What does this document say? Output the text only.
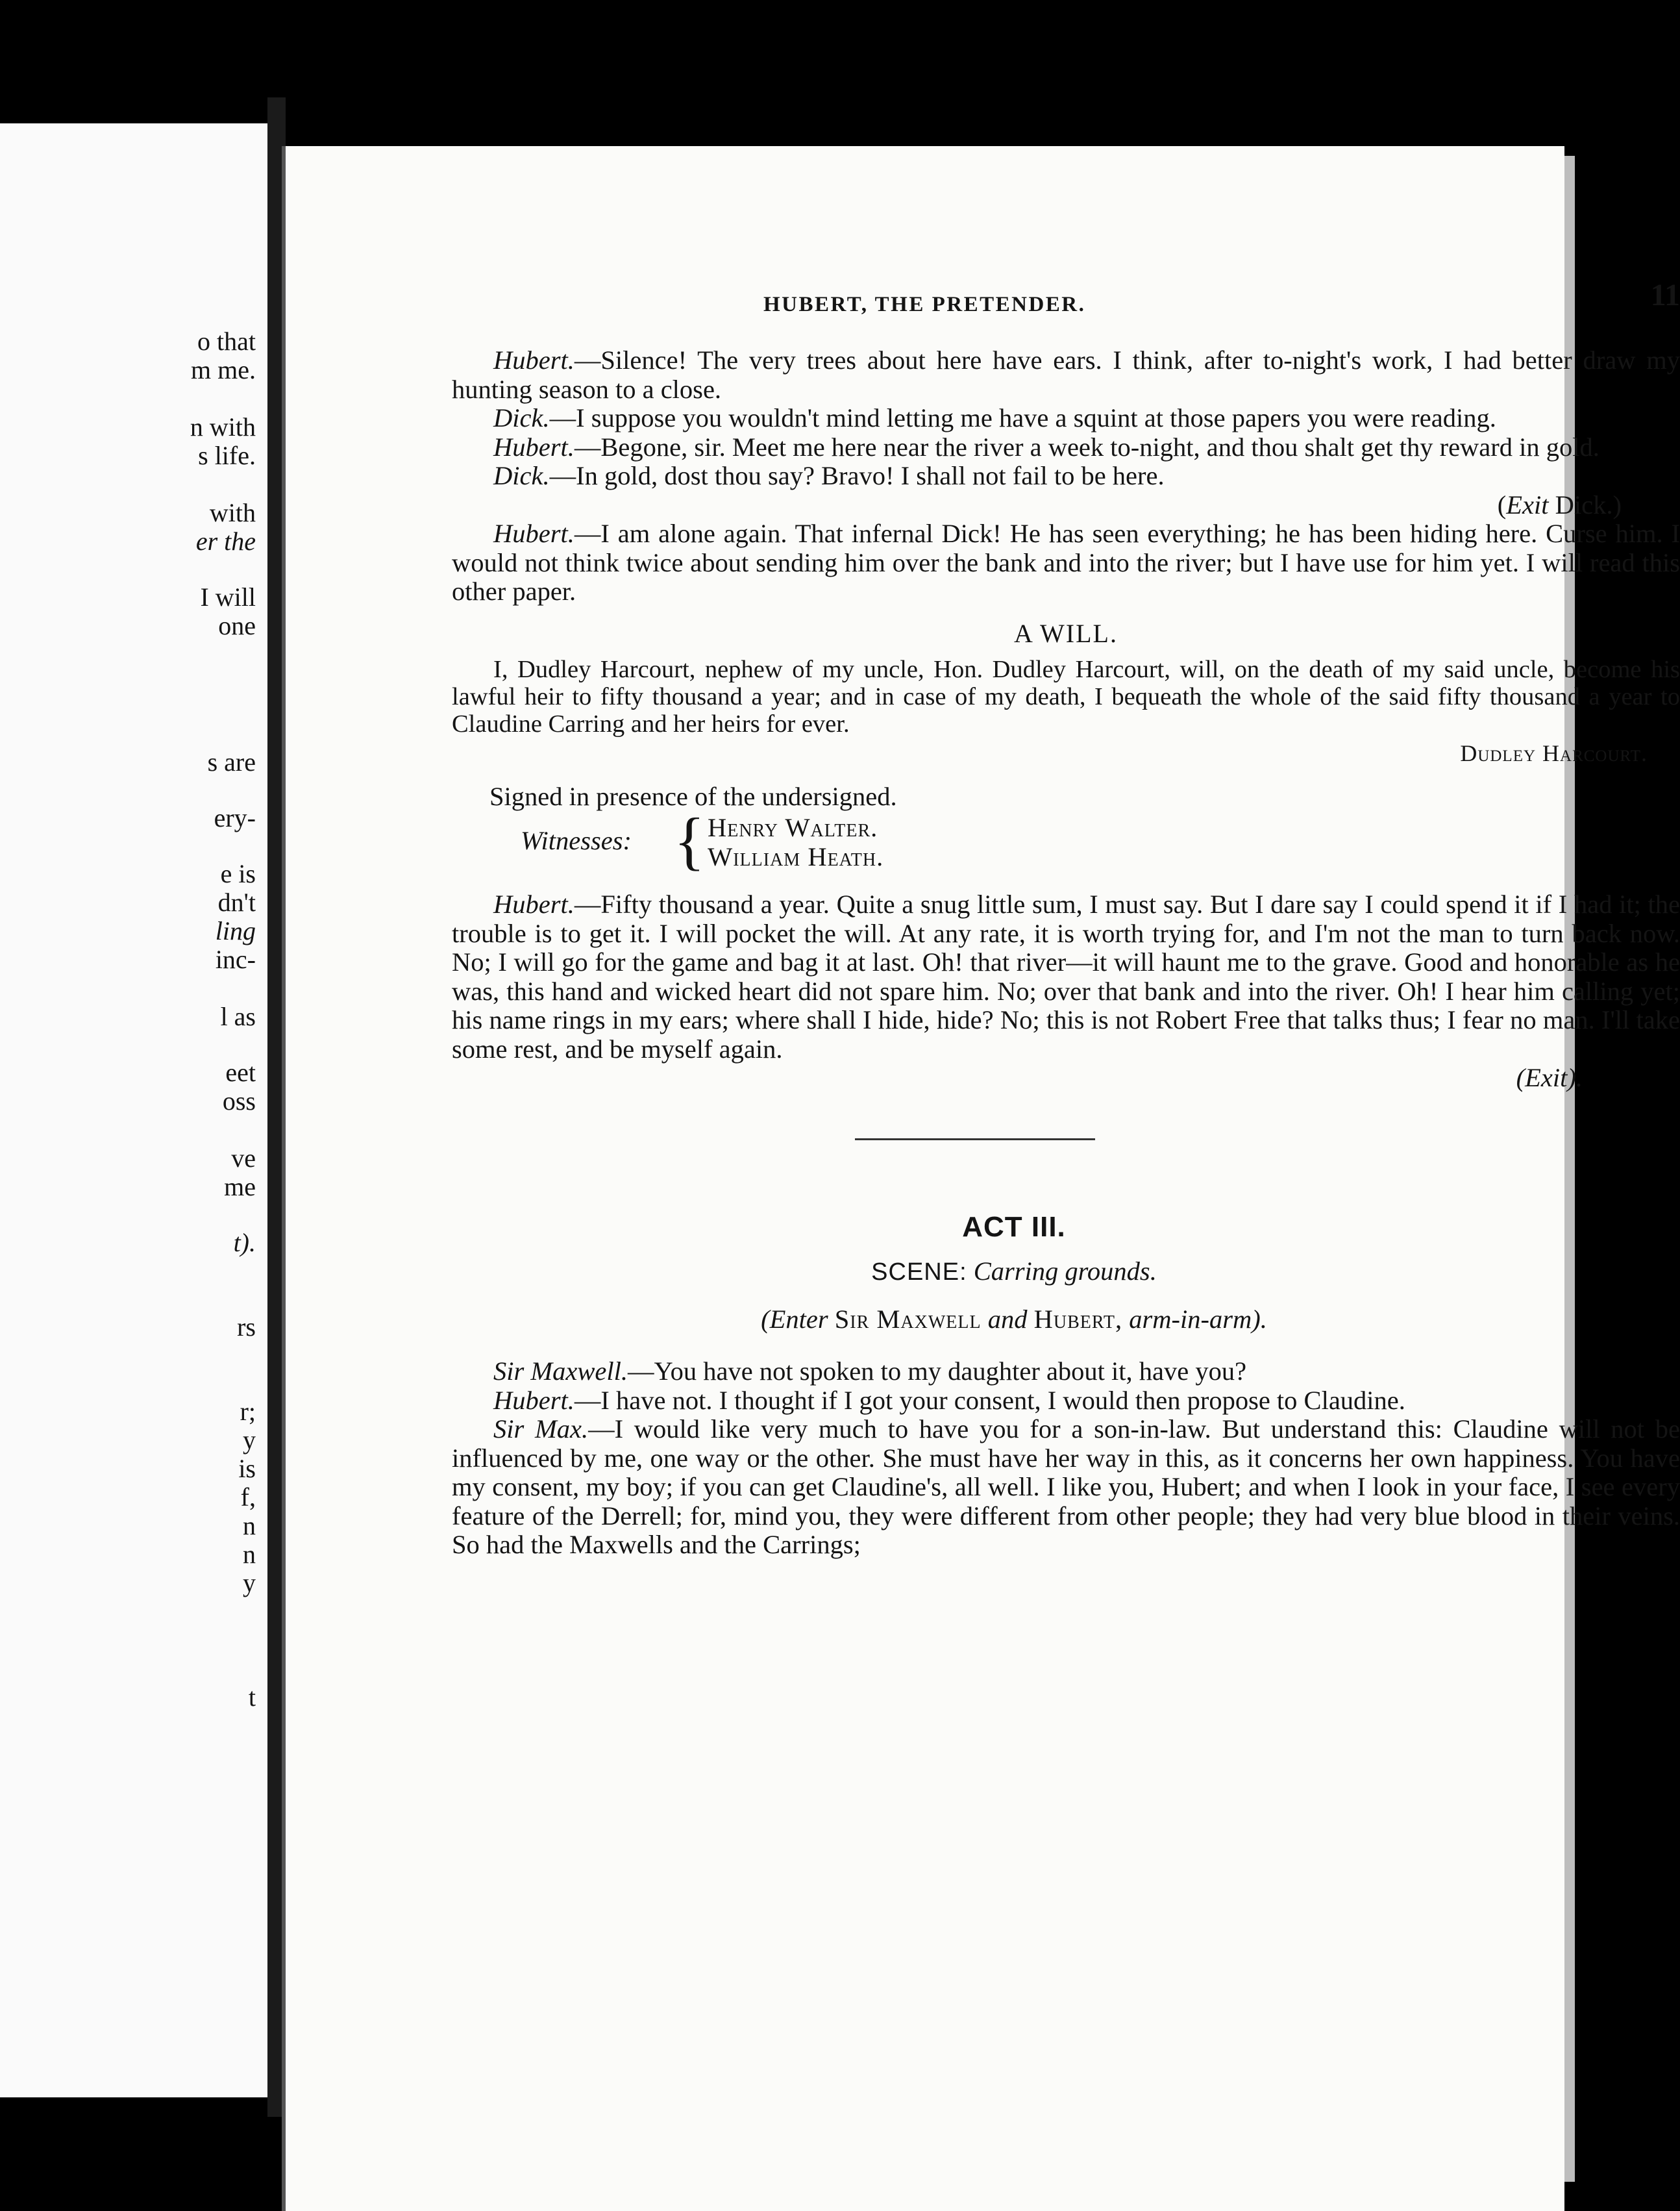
o that
m me.
n with
s life.
with
er the
I will
one
s are
ery-
e is
dn't
ling
inc-
l as
eet
oss
ve
me
t).
rs
r;
y
is
f,
n
n
y
t
HUBERT, THE PRETENDER.	11

Hubert.—Silence! The very trees about here have ears. I think, after to-night's work, I had better draw my hunting season to a close.

Dick.—I suppose you wouldn't mind letting me have a squint at those papers you were reading.

Hubert.—Begone, sir. Meet me here near the river a week to-night, and thou shalt get thy reward in gold.

Dick.—In gold, dost thou say? Bravo! I shall not fail to be here.

(Exit Dick.)

Hubert.—I am alone again. That infernal Dick! He has seen everything; he has been hiding here. Curse him. I would not think twice about sending him over the bank and into the river; but I have use for him yet. I will read this other paper.

A WILL.

I, Dudley Harcourt, nephew of my uncle, Hon. Dudley Harcourt, will, on the death of my said uncle, become his lawful heir to fifty thousand a year; and in case of my death, I bequeath the whole of the said fifty thousand a year to Claudine Carring and her heirs for ever.

Dudley Harcourt.

Signed in presence of the undersigned.

Witnesses: { Henry Walter.
William Heath.

Hubert.—Fifty thousand a year. Quite a snug little sum, I must say. But I dare say I could spend it if I had it; the trouble is to get it. I will pocket the will. At any rate, it is worth trying for, and I'm not the man to turn back now. No; I will go for the game and bag it at last. Oh! that river—it will haunt me to the grave. Good and honorable as he was, this hand and wicked heart did not spare him. No; over that bank and into the river. Oh! I hear him calling yet; his name rings in my ears; where shall I hide, hide? No; this is not Robert Free that talks thus; I fear no man. I'll take some rest, and be myself again.

(Exit).

ACT III.
SCENE: Carring grounds.
(Enter Sir Maxwell and Hubert, arm-in-arm).

Sir Maxwell.—You have not spoken to my daughter about it, have you?

Hubert.—I have not. I thought if I got your consent, I would then propose to Claudine.

Sir Max.—I would like very much to have you for a son-in-law. But understand this: Claudine will not be influenced by me, one way or the other. She must have her way in this, as it concerns her own happiness. You have my consent, my boy; if you can get Claudine's, all well. I like you, Hubert; and when I look in your face, I see every feature of the Derrell; for, mind you, they were different from other people; they had very blue blood in their veins. So had the Maxwells and the Carrings;
